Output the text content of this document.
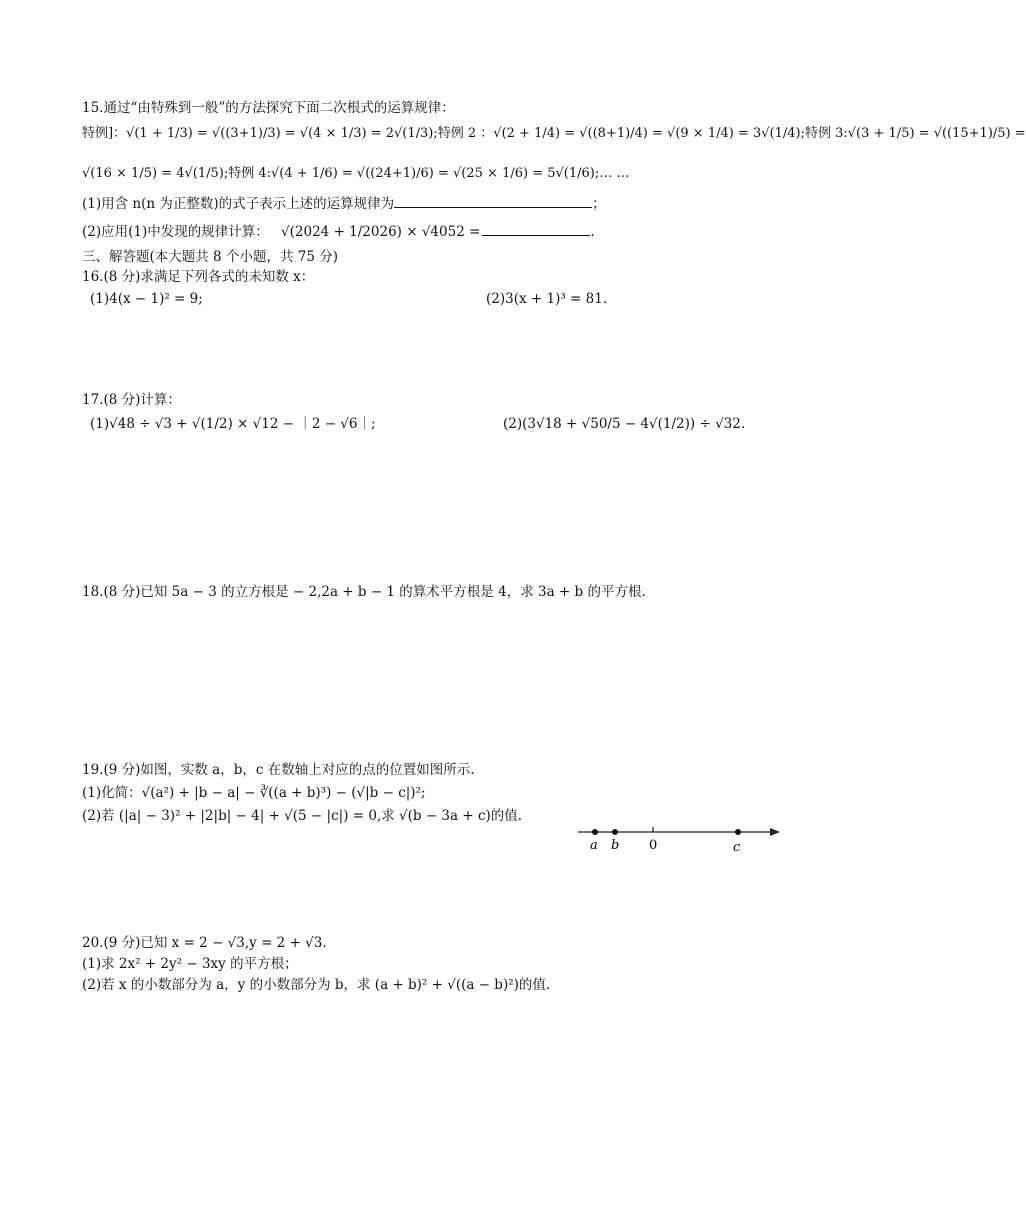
15.通过“由特殊到一般”的方法探究下面二次根式的运算规律：
特例]：√(1 + 1/3) = √((3+1)/3) = √(4 × 1/3) = 2√(1/3);特例 2 ：√(2 + 1/4) = √((8+1)/4) = √(9 × 1/4) = 3√(1/4);特例 3:√(3 + 1/5) = √((15+1)/5) =
√(16 × 1/5) = 4√(1/5);特例 4:√(4 + 1/6) = √((24+1)/6) = √(25 × 1/6) = 5√(1/6);… …
(1)用含 n(n 为正整数)的式子表示上述的运算规律为	；
(2)应用(1)中发现的规律计算： √(2024 + 1/2026) × √4052 =	.
三、解答题(本大题共 8 个小题，共 75 分)
16.(8 分)求满足下列各式的未知数 x：
(1)4(x − 1)² = 9;	(2)3(x + 1)³ = 81.
17.(8 分)计算：
(1)√48 ÷ √3 + √(1/2) × √12 − ｜2 − √6｜;	(2)(3√18 + √50/5 − 4√(1/2)) ÷ √32.
18.(8 分)已知 5a − 3 的立方根是 − 2,2a + b − 1 的算术平方根是 4，求 3a + b 的平方根.
19.(9 分)如图，实数 a，b，c 在数轴上对应的点的位置如图所示.
(1)化简：√(a²) + |b − a| − ∛((a + b)³) − (√|b − c|)²;
(2)若 (|a| − 3)² + |2|b| − 4| + √(5 − |c|) = 0,求 √(b − 3a + c)的值.
a b 0	c
20.(9 分)已知 x = 2 − √3,y = 2 + √3.
(1)求 2x² + 2y² − 3xy 的平方根；
(2)若 x 的小数部分为 a，y 的小数部分为 b，求 (a + b)² + √((a − b)²)的值.
